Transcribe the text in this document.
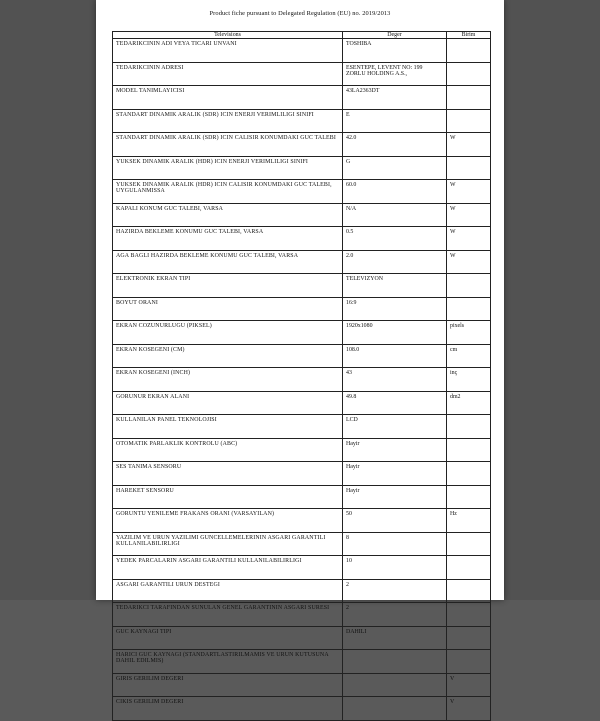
Product fiche pursuant to Delegated Regulation (EU) no. 2019/2013
Televisions	Deger	Birim
TEDARIKCININ ADI VEYA TICARI UNVANI	TOSHIBA	
TEDARIKCININ ADRESI	ESENTEPE, LEVENT NO: 199 ZORLU HOLDING A.S.,	
MODEL TANIMLAYICISI	43LA2363DT	
STANDART DINAMIK ARALIK (SDR) ICIN ENERJI VERIMLILIGI SINIFI	E	
STANDART DINAMIK ARALIK (SDR) ICIN CALISIR KONUMDAKI GUC TALEBI	42.0	W
YUKSEK DINAMIK ARALIK (HDR) ICIN ENERJI VERIMLILIGI SINIFI	G	
YUKSEK DINAMIK ARALIK (HDR) ICIN CALISIR KONUMDAKI GUC TALEBI, UYGULANMISSA	60.0	W
KAPALI KONUM GUC TALEBI, VARSA	N/A	W
HAZIRDA BEKLEME KONUMU GUC TALEBI, VARSA	0.5	W
AGA BAGLI HAZIRDA BEKLEME KONUMU GUC TALEBI, VARSA	2.0	W
ELEKTRONIK EKRAN TIPI	TELEVIZYON	
BOYUT ORANI	16:9	
EKRAN COZUNURLUGU (PIKSEL)	1920x1080	pixels
EKRAN KOSEGENI (CM)	108.0	cm
EKRAN KOSEGENI (INCH)	43	inç
GORUNUR EKRAN ALANI	49.8	dm2
KULLANILAN PANEL TEKNOLOJISI	LCD	
OTOMATIK PARLAKLIK KONTROLU (ABC)	Hayir	
SES TANIMA SENSORU	Hayir	
HAREKET SENSORU	Hayir	
GORUNTU YENILEME FRAKANS ORANI (VARSAYILAN)	50	Hz
YAZILIM VE URUN YAZILIMI GUNCELLEMELERININ ASGARI GARANTILI KULLANILABILIRLIGI	8	
YEDEK PARCALARIN ASGARI GARANTILI KULLANILABILIRLIGI	10	
ASGARI GARANTILI URUN DESTEGI	2	
TEDARIKCI TARAFINDAN SUNULAN GENEL GARANTININ ASGARI SURESI	2	
GUC KAYNAGI TIPI	DAHILI	
HARICI GUC KAYNAGI (STANDARTLASTIRILMAMIS VE URUN KUTUSUNA DAHIL EDILMIS)		
GIRIS GERILIM DEGERI		V
CIKIS GERILIM DEGERI		V
